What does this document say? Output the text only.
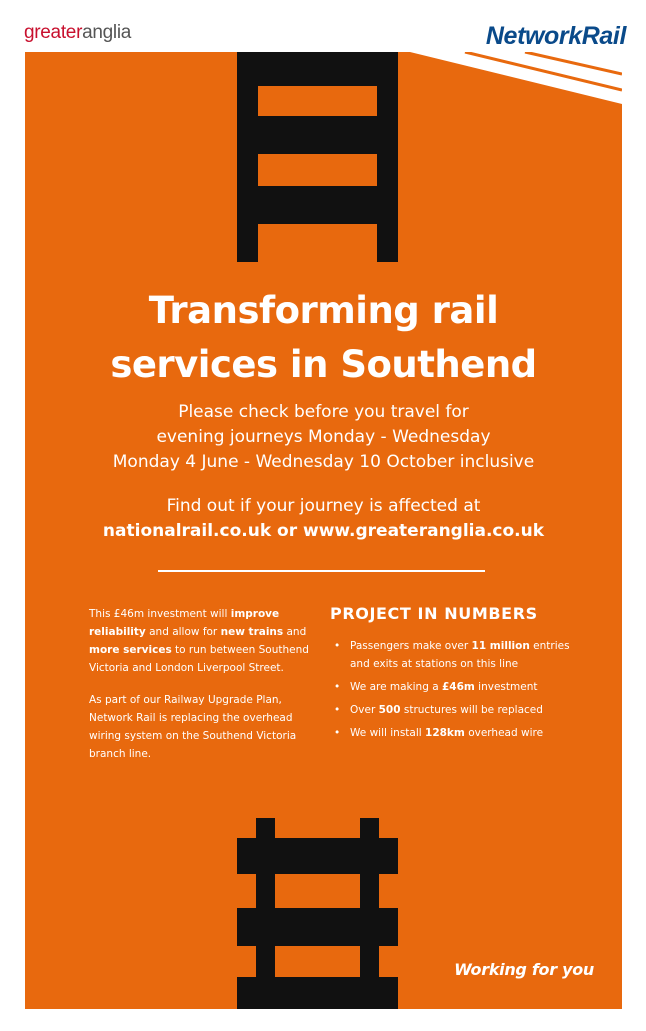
greateranglia	NetworkRail
Transforming rail
services in Southend
Please check before you travel for
evening journeys Monday - Wednesday
Monday 4 June - Wednesday 10 October inclusive
Find out if your journey is affected at
nationalrail.co.uk or www.greateranglia.co.uk

This £46m investment will improve reliability and allow for new trains and more services to run between Southend Victoria and London Liverpool Street.

As part of our Railway Upgrade Plan, Network Rail is replacing the overhead wiring system on the Southend Victoria branch line.

PROJECT IN NUMBERS
• Passengers make over 11 million entries and exits at stations on this line
• We are making a £46m investment
• Over 500 structures will be replaced
• We will install 128km overhead wire
Working for you
